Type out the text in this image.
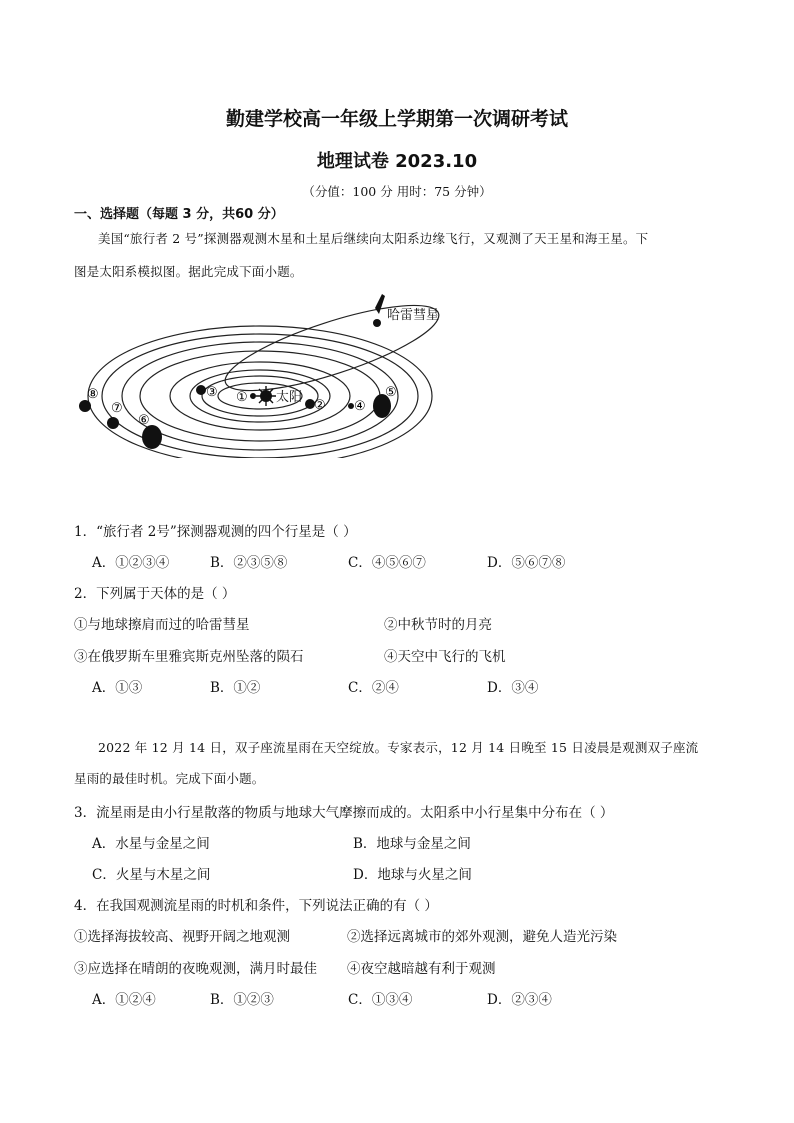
勤建学校高一年级上学期第一次调研考试
地理试卷 2023.10
（分值：100 分 用时：75 分钟）
一、选择题（每题 3 分，共60 分）
美国“旅行者 2 号”探测器观测木星和土星后继续向太阳系边缘飞行，又观测了天王星和海王星。下
图是太阳系模拟图。据此完成下面小题。
哈雷彗星
太阳
①
②
③
④
⑤
⑥
⑦
⑧
1．“旅行者 2号”探测器观测的四个行星是（ ）
A．①②③④	B．②③⑤⑧	C．④⑤⑥⑦	D．⑤⑥⑦⑧
2．下列属于天体的是（ ）
①与地球擦肩而过的哈雷彗星	②中秋节时的月亮
③在俄罗斯车里雅宾斯克州坠落的陨石	④天空中飞行的飞机
A．①③	B．①②	C．②④	D．③④
2022 年 12 月 14 日，双子座流星雨在天空绽放。专家表示，12 月 14 日晚至 15 日凌晨是观测双子座流
星雨的最佳时机。完成下面小题。
3．流星雨是由小行星散落的物质与地球大气摩擦而成的。太阳系中小行星集中分布在（ ）
A．水星与金星之间	B．地球与金星之间
C．火星与木星之间	D．地球与火星之间
4．在我国观测流星雨的时机和条件，下列说法正确的有（ ）
①选择海拔较高、视野开阔之地观测	②选择远离城市的郊外观测，避免人造光污染
③应选择在晴朗的夜晚观测，满月时最佳 ④夜空越暗越有利于观测
A．①②④	B．①②③	C．①③④	D．②③④
